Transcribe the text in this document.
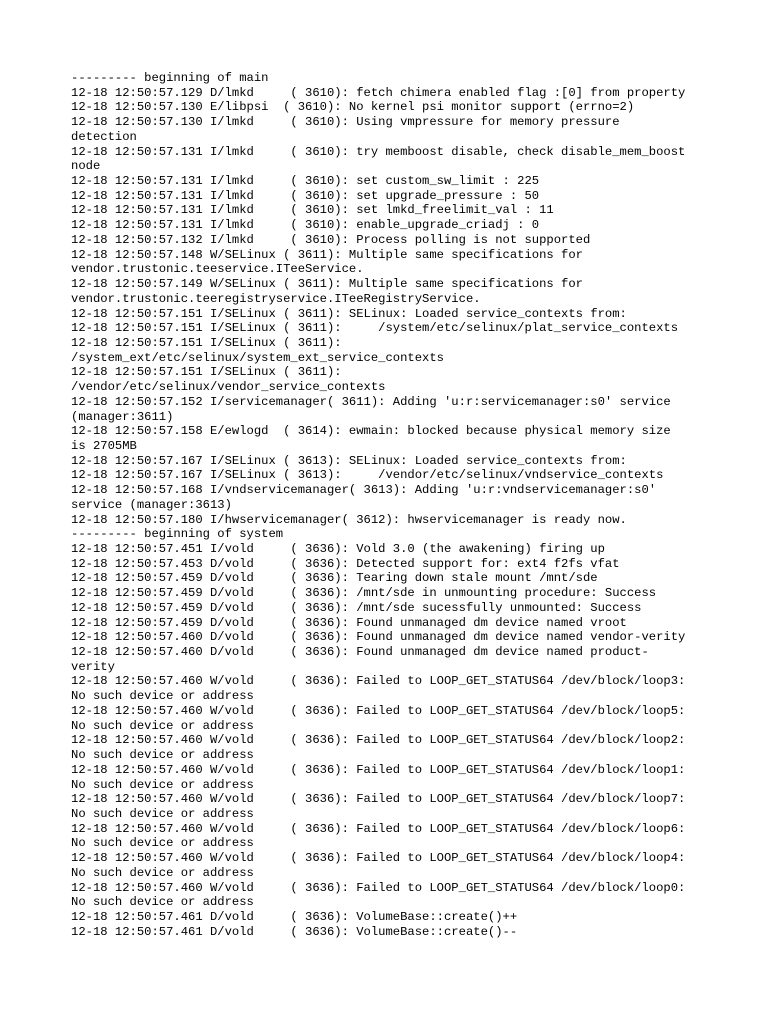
--------- beginning of main
12-18 12:50:57.129 D/lmkd     ( 3610): fetch chimera enabled flag :[0] from property
12-18 12:50:57.130 E/libpsi  ( 3610): No kernel psi monitor support (errno=2)
12-18 12:50:57.130 I/lmkd     ( 3610): Using vmpressure for memory pressure
detection
12-18 12:50:57.131 I/lmkd     ( 3610): try memboost disable, check disable_mem_boost
node
12-18 12:50:57.131 I/lmkd     ( 3610): set custom_sw_limit : 225
12-18 12:50:57.131 I/lmkd     ( 3610): set upgrade_pressure : 50
12-18 12:50:57.131 I/lmkd     ( 3610): set lmkd_freelimit_val : 11
12-18 12:50:57.131 I/lmkd     ( 3610): enable_upgrade_criadj : 0
12-18 12:50:57.132 I/lmkd     ( 3610): Process polling is not supported
12-18 12:50:57.148 W/SELinux ( 3611): Multiple same specifications for
vendor.trustonic.teeservice.ITeeService.
12-18 12:50:57.149 W/SELinux ( 3611): Multiple same specifications for
vendor.trustonic.teeregistryservice.ITeeRegistryService.
12-18 12:50:57.151 I/SELinux ( 3611): SELinux: Loaded service_contexts from:
12-18 12:50:57.151 I/SELinux ( 3611):     /system/etc/selinux/plat_service_contexts
12-18 12:50:57.151 I/SELinux ( 3611):
/system_ext/etc/selinux/system_ext_service_contexts
12-18 12:50:57.151 I/SELinux ( 3611):
/vendor/etc/selinux/vendor_service_contexts
12-18 12:50:57.152 I/servicemanager( 3611): Adding 'u:r:servicemanager:s0' service
(manager:3611)
12-18 12:50:57.158 E/ewlogd  ( 3614): ewmain: blocked because physical memory size
is 2705MB
12-18 12:50:57.167 I/SELinux ( 3613): SELinux: Loaded service_contexts from:
12-18 12:50:57.167 I/SELinux ( 3613):     /vendor/etc/selinux/vndservice_contexts
12-18 12:50:57.168 I/vndservicemanager( 3613): Adding 'u:r:vndservicemanager:s0'
service (manager:3613)
12-18 12:50:57.180 I/hwservicemanager( 3612): hwservicemanager is ready now.
--------- beginning of system
12-18 12:50:57.451 I/vold     ( 3636): Vold 3.0 (the awakening) firing up
12-18 12:50:57.453 D/vold     ( 3636): Detected support for: ext4 f2fs vfat
12-18 12:50:57.459 D/vold     ( 3636): Tearing down stale mount /mnt/sde
12-18 12:50:57.459 D/vold     ( 3636): /mnt/sde in unmounting procedure: Success
12-18 12:50:57.459 D/vold     ( 3636): /mnt/sde sucessfully unmounted: Success
12-18 12:50:57.459 D/vold     ( 3636): Found unmanaged dm device named vroot
12-18 12:50:57.460 D/vold     ( 3636): Found unmanaged dm device named vendor-verity
12-18 12:50:57.460 D/vold     ( 3636): Found unmanaged dm device named product-
verity
12-18 12:50:57.460 W/vold     ( 3636): Failed to LOOP_GET_STATUS64 /dev/block/loop3:
No such device or address
12-18 12:50:57.460 W/vold     ( 3636): Failed to LOOP_GET_STATUS64 /dev/block/loop5:
No such device or address
12-18 12:50:57.460 W/vold     ( 3636): Failed to LOOP_GET_STATUS64 /dev/block/loop2:
No such device or address
12-18 12:50:57.460 W/vold     ( 3636): Failed to LOOP_GET_STATUS64 /dev/block/loop1:
No such device or address
12-18 12:50:57.460 W/vold     ( 3636): Failed to LOOP_GET_STATUS64 /dev/block/loop7:
No such device or address
12-18 12:50:57.460 W/vold     ( 3636): Failed to LOOP_GET_STATUS64 /dev/block/loop6:
No such device or address
12-18 12:50:57.460 W/vold     ( 3636): Failed to LOOP_GET_STATUS64 /dev/block/loop4:
No such device or address
12-18 12:50:57.460 W/vold     ( 3636): Failed to LOOP_GET_STATUS64 /dev/block/loop0:
No such device or address
12-18 12:50:57.461 D/vold     ( 3636): VolumeBase::create()++
12-18 12:50:57.461 D/vold     ( 3636): VolumeBase::create()--
